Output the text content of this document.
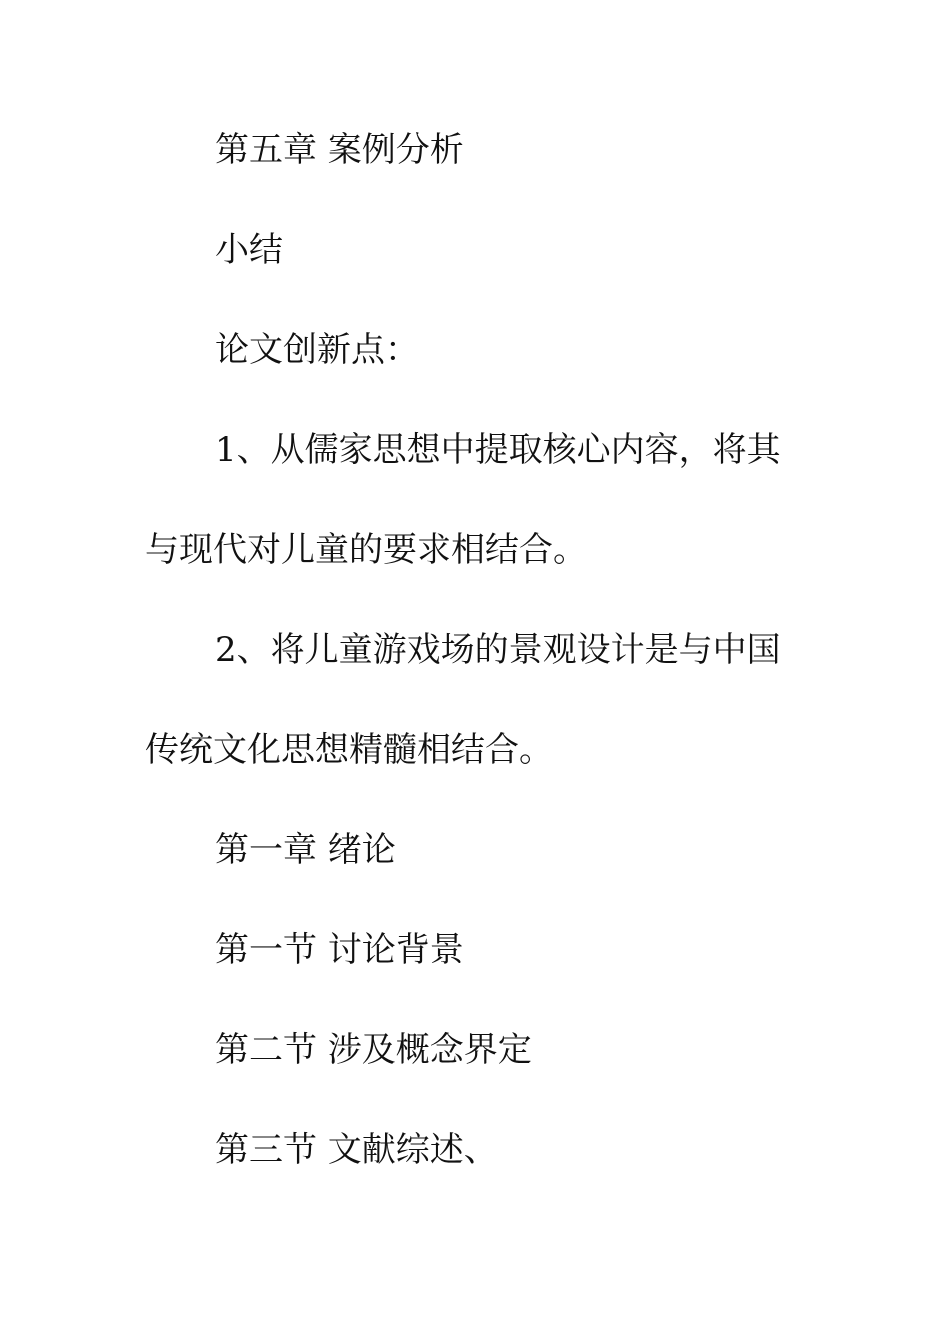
第五章 案例分析
小结
论文创新点：
1、从儒家思想中提取核心内容，将其
与现代对儿童的要求相结合。
2、将儿童游戏场的景观设计是与中国
传统文化思想精髓相结合。
第一章 绪论
第一节 讨论背景
第二节 涉及概念界定
第三节 文献综述、
